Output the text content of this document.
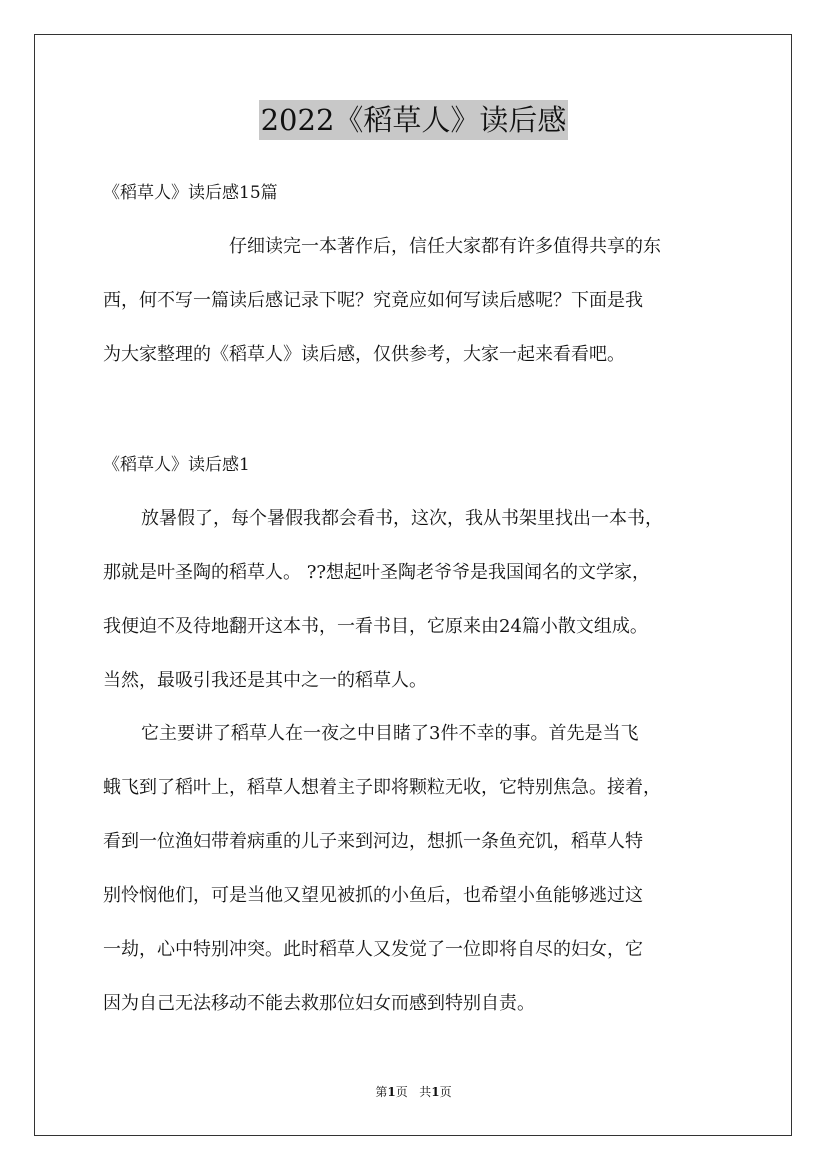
2022《稻草人》读后感
《稻草人》读后感15篇
仔细读完一本著作后，信任大家都有许多值得共享的东
西，何不写一篇读后感记录下呢？究竟应如何写读后感呢？下面是我
为大家整理的《稻草人》读后感，仅供参考，大家一起来看看吧。
《稻草人》读后感1
放暑假了，每个暑假我都会看书，这次，我从书架里找出一本书，
那就是叶圣陶的稻草人。 ??想起叶圣陶老爷爷是我国闻名的文学家，
我便迫不及待地翻开这本书，一看书目，它原来由24篇小散文组成。
当然，最吸引我还是其中之一的稻草人。
它主要讲了稻草人在一夜之中目睹了3件不幸的事。首先是当飞
蛾飞到了稻叶上，稻草人想着主子即将颗粒无收，它特别焦急。接着，
看到一位渔妇带着病重的儿子来到河边，想抓一条鱼充饥，稻草人特
别怜悯他们，可是当他又望见被抓的小鱼后，也希望小鱼能够逃过这
一劫，心中特别冲突。此时稻草人又发觉了一位即将自尽的妇女，它
因为自己无法移动不能去救那位妇女而感到特别自责。
第1页 共1页
